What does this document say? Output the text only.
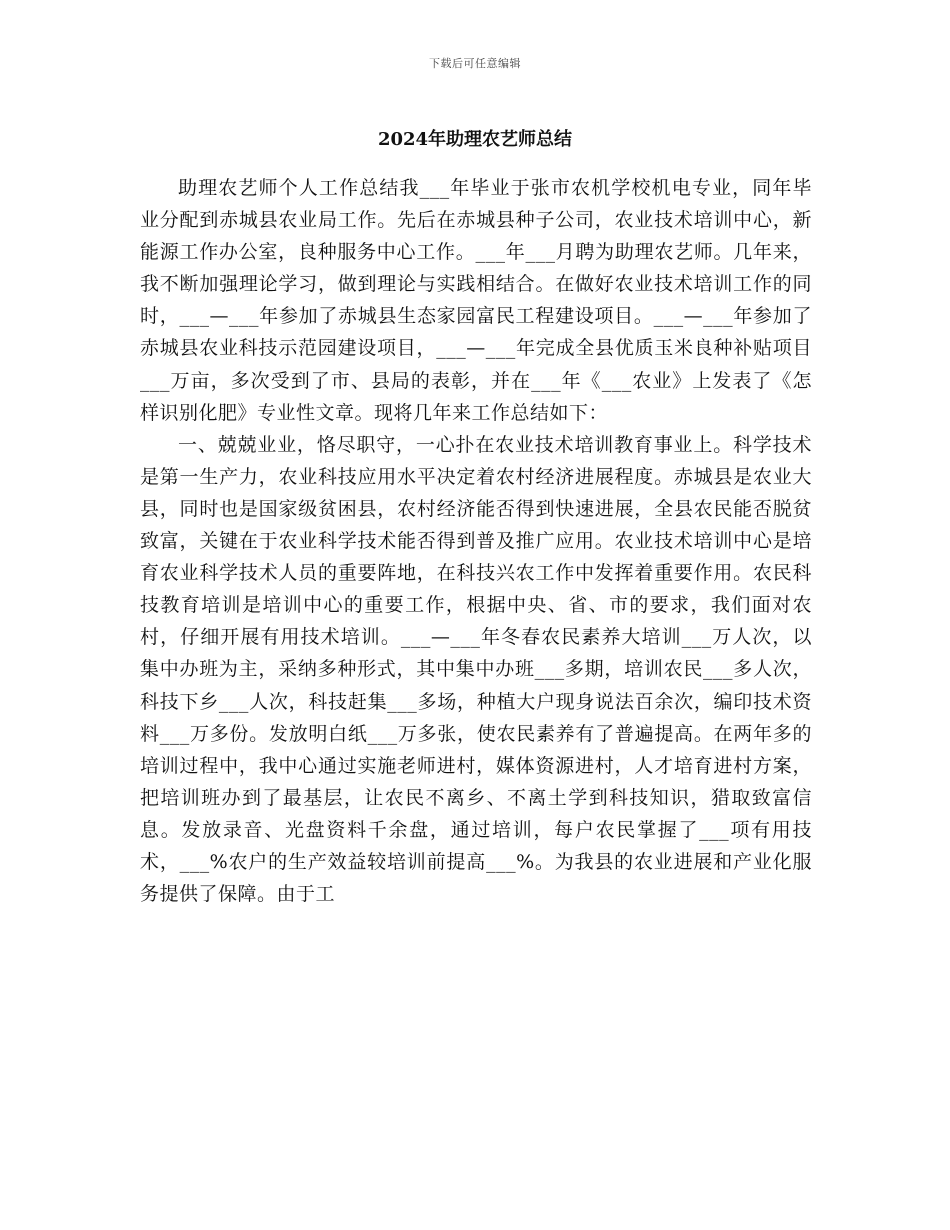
下载后可任意编辑
2024年助理农艺师总结

助理农艺师个人工作总结我___年毕业于张市农机学校机电专业，同年毕业分配到赤城县农业局工作。先后在赤城县种子公司，农业技术培训中心，新能源工作办公室，良种服务中心工作。___年___月聘为助理农艺师。几年来，我不断加强理论学习，做到理论与实践相结合。在做好农业技术培训工作的同时，___—___年参加了赤城县生态家园富民工程建设项目。___—___年参加了赤城县农业科技示范园建设项目，___—___年完成全县优质玉米良种补贴项目___万亩，多次受到了市、县局的表彰，并在___年《___农业》上发表了《怎样识别化肥》专业性文章。现将几年来工作总结如下：

一、兢兢业业，恪尽职守，一心扑在农业技术培训教育事业上。科学技术是第一生产力，农业科技应用水平决定着农村经济进展程度。赤城县是农业大县，同时也是国家级贫困县，农村经济能否得到快速进展，全县农民能否脱贫致富，关键在于农业科学技术能否得到普及推广应用。农业技术培训中心是培育农业科学技术人员的重要阵地，在科技兴农工作中发挥着重要作用。农民科技教育培训是培训中心的重要工作，根据中央、省、市的要求，我们面对农村，仔细开展有用技术培训。___—___年冬春农民素养大培训___万人次，以集中办班为主，采纳多种形式，其中集中办班___多期，培训农民___多人次，科技下乡___人次，科技赶集___多场，种植大户现身说法百余次，编印技术资料___万多份。发放明白纸___万多张，使农民素养有了普遍提高。在两年多的培训过程中，我中心通过实施老师进村，媒体资源进村，人才培育进村方案，把培训班办到了最基层，让农民不离乡、不离土学到科技知识，猎取致富信息。发放录音、光盘资料千余盘，通过培训，每户农民掌握了___项有用技术，___%农户的生产效益较培训前提高___%。为我县的农业进展和产业化服务提供了保障。由于工
